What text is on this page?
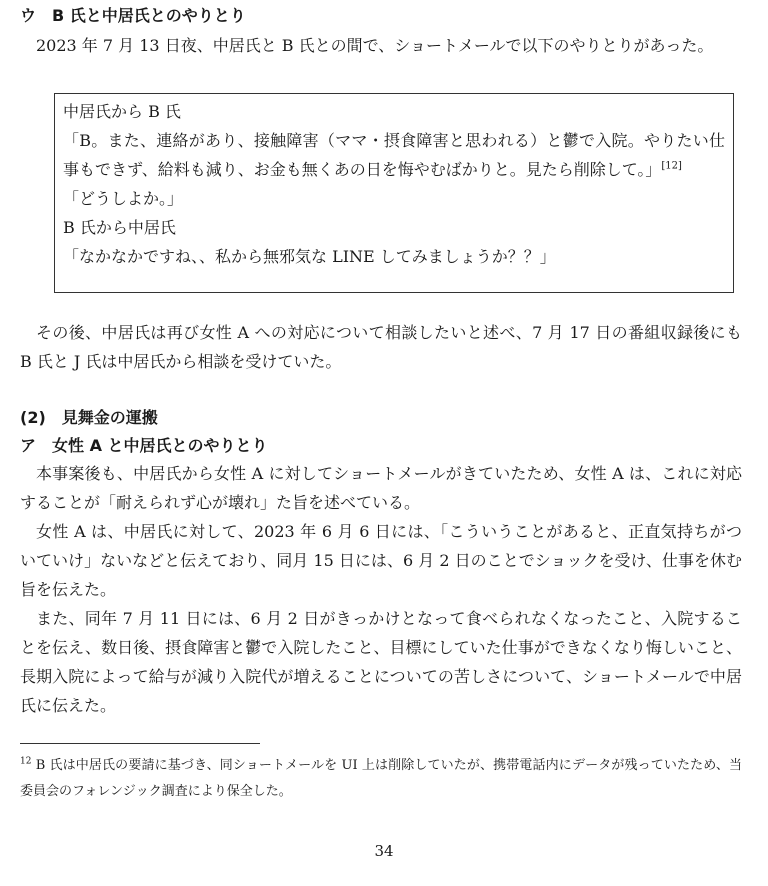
ウ　B 氏と中居氏とのやりとり

2023 年 7 月 13 日夜、中居氏と B 氏との間で、ショートメールで以下のやりとりがあった。

中居氏から B 氏

「B。また、連絡があり、接触障害（ママ・摂食障害と思われる）と鬱で入院。やりたい仕事もできず、給料も減り、お金も無くあの日を悔やむばかりと。見たら削除して。」[12]

「どうしよか。」

B 氏から中居氏

「なかなかですね、、私から無邪気な LINE してみましょうか？？」

その後、中居氏は再び女性 A への対応について相談したいと述べ、7 月 17 日の番組収録後にも B 氏と J 氏は中居氏から相談を受けていた。

(2)　見舞金の運搬
ア　女性 A と中居氏とのやりとり

本事案後も、中居氏から女性 A に対してショートメールがきていたため、女性 A は、これに対応することが「耐えられず心が壊れ」た旨を述べている。

女性 A は、中居氏に対して、2023 年 6 月 6 日には、「こういうことがあると、正直気持ちがついていけ」ないなどと伝えており、同月 15 日には、6 月 2 日のことでショックを受け、仕事を休む旨を伝えた。

また、同年 7 月 11 日には、6 月 2 日がきっかけとなって食べられなくなったこと、入院することを伝え、数日後、摂食障害と鬱で入院したこと、目標にしていた仕事ができなくなり悔しいこと、長期入院によって給与が減り入院代が増えることについての苦しさについて、ショートメールで中居氏に伝えた。

$^{12}$ B 氏は中居氏の要請に基づき、同ショートメールを UI 上は削除していたが、携帯電話内にデータが残っていたため、当委員会のフォレンジック調査により保全した。

34
